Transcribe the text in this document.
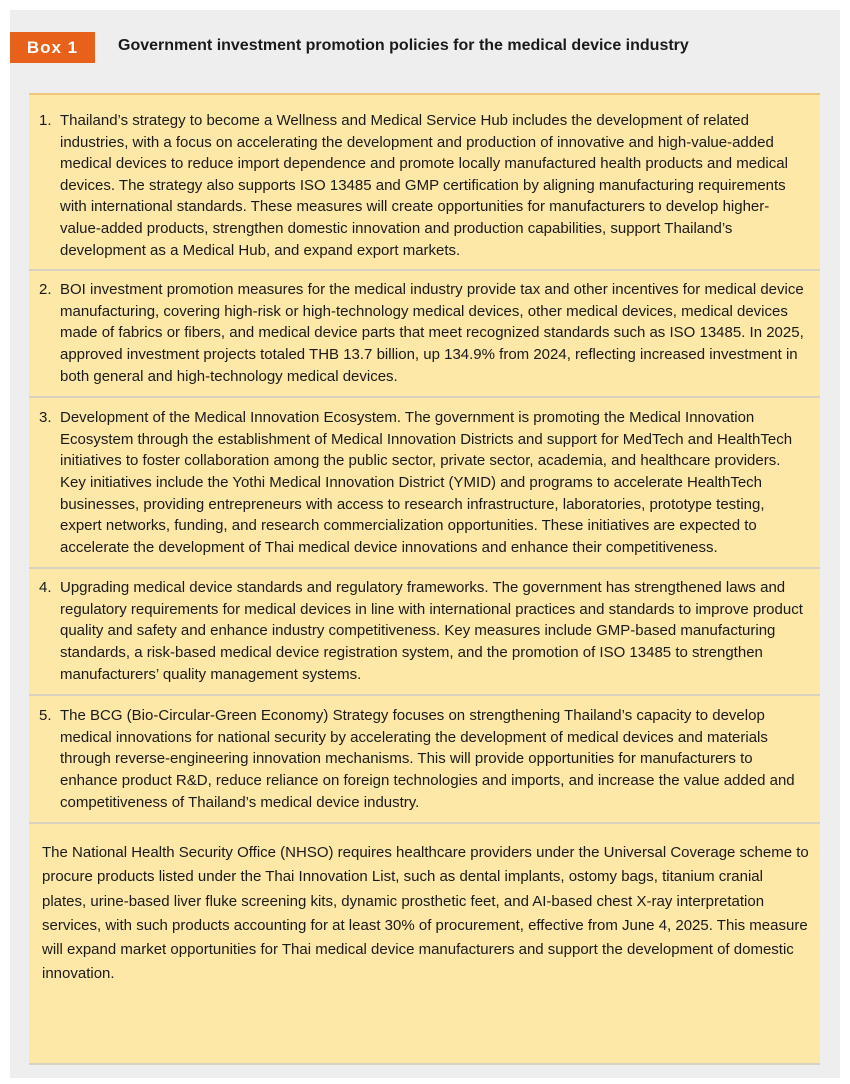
Box 1	Government investment promotion policies for the medical device industry
1. Thailand’s strategy to become a Wellness and Medical Service Hub includes the development of related industries, with a focus on accelerating the development and production of innovative and high-value-added medical devices to reduce import dependence and promote locally manufactured health products and medical devices. The strategy also supports ISO 13485 and GMP certification by aligning manufacturing requirements with international standards. These measures will create opportunities for manufacturers to develop higher-value-added products, strengthen domestic innovation and production capabilities, support Thailand’s development as a Medical Hub, and expand export markets.
2. BOI investment promotion measures for the medical industry provide tax and other incentives for medical device manufacturing, covering high-risk or high-technology medical devices, other medical devices, medical devices made of fabrics or fibers, and medical device parts that meet recognized standards such as ISO 13485. In 2025, approved investment projects totaled THB 13.7 billion, up 134.9% from 2024, reflecting increased investment in both general and high-technology medical devices.
3. Development of the Medical Innovation Ecosystem. The government is promoting the Medical Innovation Ecosystem through the establishment of Medical Innovation Districts and support for MedTech and HealthTech initiatives to foster collaboration among the public sector, private sector, academia, and healthcare providers. Key initiatives include the Yothi Medical Innovation District (YMID) and programs to accelerate HealthTech businesses, providing entrepreneurs with access to research infrastructure, laboratories, prototype testing, expert networks, funding, and research commercialization opportunities. These initiatives are expected to accelerate the development of Thai medical device innovations and enhance their competitiveness.
4. Upgrading medical device standards and regulatory frameworks. The government has strengthened laws and regulatory requirements for medical devices in line with international practices and standards to improve product quality and safety and enhance industry competitiveness. Key measures include GMP-based manufacturing standards, a risk-based medical device registration system, and the promotion of ISO 13485 to strengthen manufacturers’ quality management systems.
5. The BCG (Bio-Circular-Green Economy) Strategy focuses on strengthening Thailand’s capacity to develop medical innovations for national security by accelerating the development of medical devices and materials through reverse-engineering innovation mechanisms. This will provide opportunities for manufacturers to enhance product R&D, reduce reliance on foreign technologies and imports, and increase the value added and competitiveness of Thailand’s medical device industry.
The National Health Security Office (NHSO) requires healthcare providers under the Universal Coverage scheme to procure products listed under the Thai Innovation List, such as dental implants, ostomy bags, titanium cranial plates, urine-based liver fluke screening kits, dynamic prosthetic feet, and AI-based chest X-ray interpretation services, with such products accounting for at least 30% of procurement, effective from June 4, 2025. This measure will expand market opportunities for Thai medical device manufacturers and support the development of domestic innovation.
